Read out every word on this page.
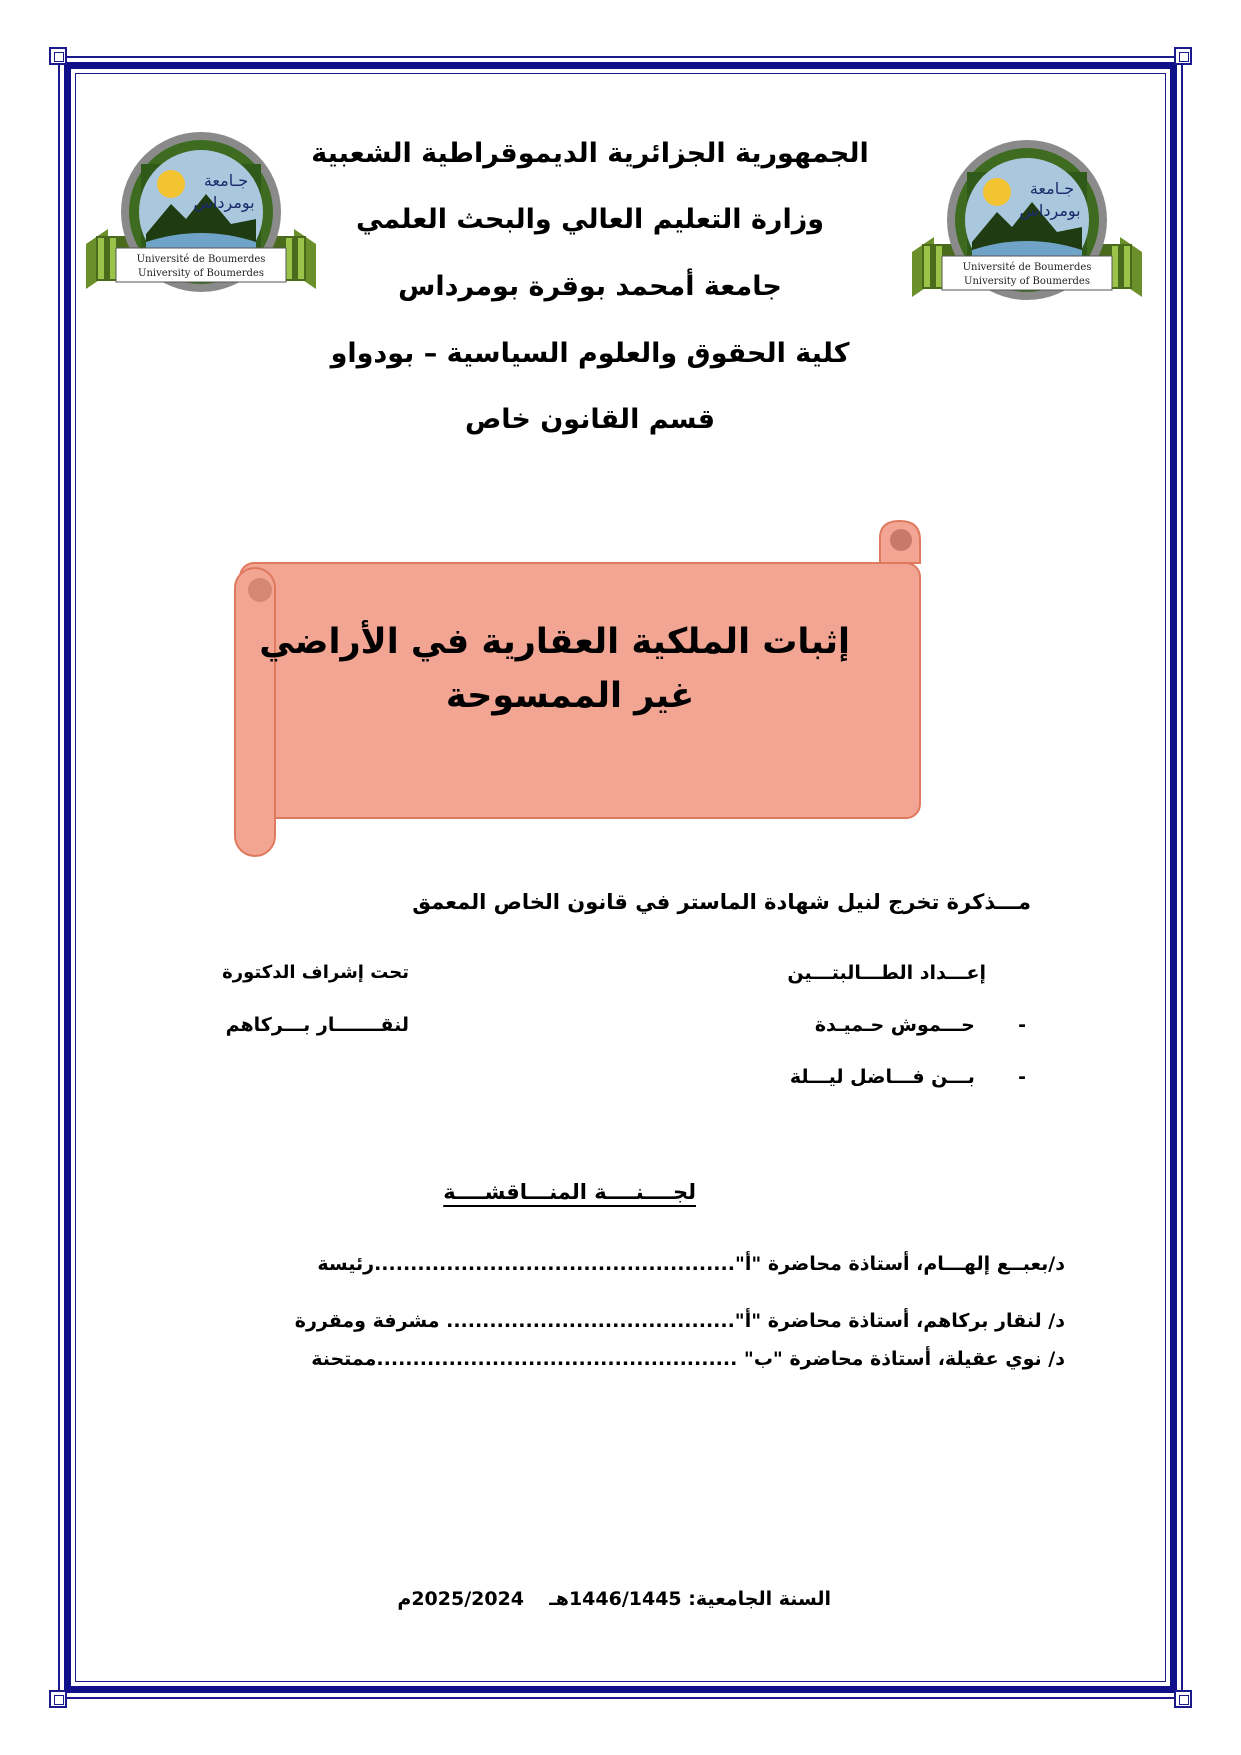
جـامعة
بومرداس
Université de Boumerdes
University of Boumerdes
جـامعة
بومرداس
Université de Boumerdes
University of Boumerdes
الجمهورية الجزائرية الديموقراطية الشعبية
وزارة التعليم العالي والبحث العلمي
جامعة أمحمد بوقرة بومرداس
كلية الحقوق والعلوم السياسية – بودواو
قسم القانون خاص
إثبات الملكية العقارية في الأراضي
غير الممسوحة
مـــذكرة تخرج لنيل شهادة الماستر في قانون الخاص المعمق
إعـــداد الطـــالبتـــين
-  حـــموش حـميـدة
-  بـــن فـــاضل ليـــلة
تحت إشراف الدكتورة
لنقـــــــار بـــركاهم
لجــــنــــة المنـــاقشــــة
د/بعبــع إلهـــام، أستاذة محاضرة "أ"..................................................رئيسة
د/ لنقار بركاهم، أستاذة محاضرة "أ"........................................ مشرفة ومقررة
د/ نوي عقيلة، أستاذة محاضرة "ب" ..................................................ممتحنة
السنة الجامعية: 1446/1445هـ  2025/2024م
